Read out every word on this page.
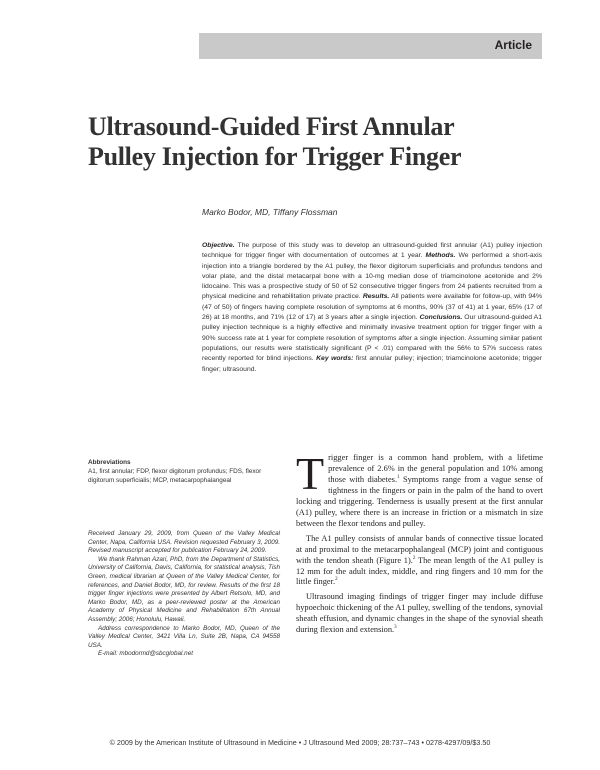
Article
Ultrasound-Guided First Annular
Pulley Injection for Trigger Finger
Marko Bodor, MD, Tiffany Flossman

Objective. The purpose of this study was to develop an ultrasound-guided first annular (A1) pulley injection technique for trigger finger with documentation of outcomes at 1 year. Methods. We performed a short-axis injection into a triangle bordered by the A1 pulley, the flexor digitorum superficialis and profundus tendons and volar plate, and the distal metacarpal bone with a 10-mg median dose of triamcinolone acetonide and 2% lidocaine. This was a prospective study of 50 of 52 consecutive trigger fingers from 24 patients recruited from a physical medicine and rehabilitation private practice. Results. All patients were available for follow-up, with 94% (47 of 50) of fingers having complete resolution of symptoms at 6 months, 90% (37 of 41) at 1 year, 65% (17 of 26) at 18 months, and 71% (12 of 17) at 3 years after a single injection. Conclusions. Our ultrasound-guided A1 pulley injection technique is a highly effective and minimally invasive treatment option for trigger finger with a 90% success rate at 1 year for complete resolution of symptoms after a single injection. Assuming similar patient populations, our results were statistically significant (P < .01) compared with the 56% to 57% success rates recently reported for blind injections. Key words: first annular pulley; injection; triamcinolone acetonide; trigger finger; ultrasound.

Abbreviations
A1, first annular; FDP, flexor digitorum profundus; FDS, flexor digitorum superficialis; MCP, metacarpophalangeal

Received January 29, 2009, from Queen of the Valley Medical Center, Napa, California USA. Revision requested February 3, 2009. Revised manuscript accepted for publication February 24, 2009.

We thank Rahman Azari, PhD, from the Department of Statistics, University of California, Davis, California, for statistical analysis, Tish Green, medical librarian at Queen of the Valley Medical Center, for references, and Daniel Bodor, MD, for review. Results of the first 18 trigger finger injections were presented by Albert Retsolo, MD, and Marko Bodor, MD, as a peer-reviewed poster at the American Academy of Physical Medicine and Rehabilitation 67th Annual Assembly; 2006; Honolulu, Hawaii.

Address correspondence to Marko Bodor, MD, Queen of the Valley Medical Center, 3421 Villa Ln, Suite 2B, Napa, CA 94558 USA.

E-mail: mbodormd@sbcglobal.net

Trigger finger is a common hand problem, with a lifetime prevalence of 2.6% in the general population and 10% among those with diabetes.$^1$ Symptoms range from a vague sense of tightness in the fingers or pain in the palm of the hand to overt locking and triggering. Tenderness is usually present at the first annular (A1) pulley, where there is an increase in friction or a mismatch in size between the flexor tendons and pulley.

The A1 pulley consists of annular bands of connective tissue located at and proximal to the metacarpophalangeal (MCP) joint and contiguous with the tendon sheath (Figure 1).$^2$ The mean length of the A1 pulley is 12 mm for the adult index, middle, and ring fingers and 10 mm for the little finger.$^2$

Ultrasound imaging findings of trigger finger may include diffuse hypoechoic thickening of the A1 pulley, swelling of the tendons, synovial sheath effusion, and dynamic changes in the shape of the synovial sheath during flexion and extension.$^3$

© 2009 by the American Institute of Ultrasound in Medicine • J Ultrasound Med 2009; 28:737–743 • 0278-4297/09/$3.50
